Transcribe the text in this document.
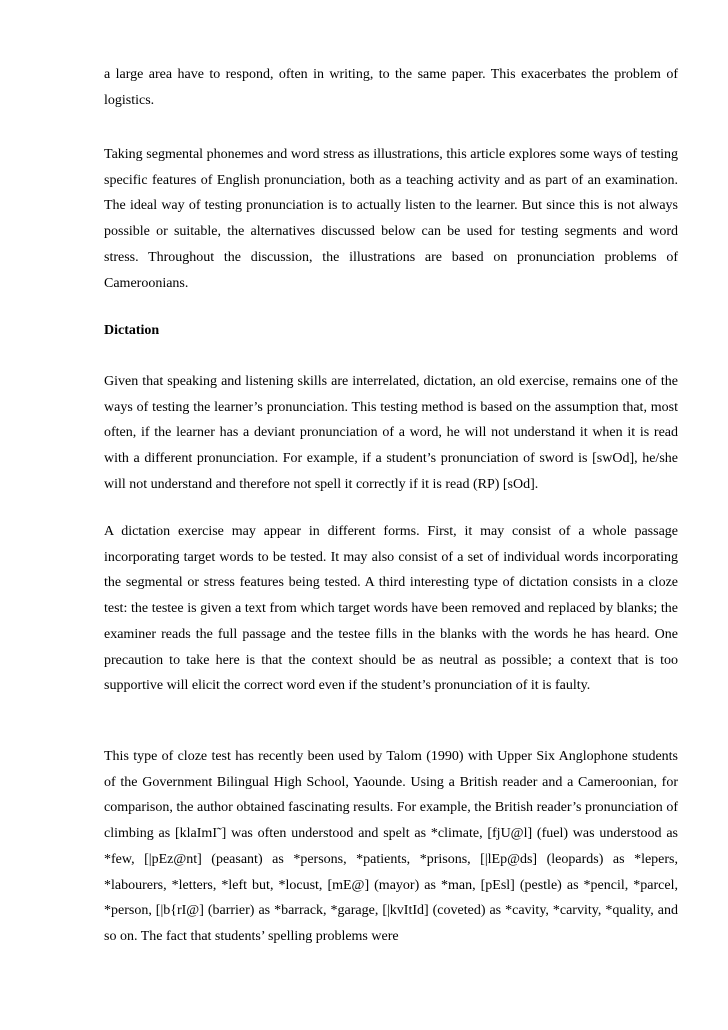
a large area have to respond, often in writing, to the same paper. This exacerbates the problem of logistics.

Taking segmental phonemes and word stress as illustrations, this article explores some ways of testing specific features of English pronunciation, both as a teaching activity and as part of an examination. The ideal way of testing pronunciation is to actually listen to the learner. But since this is not always possible or suitable, the alternatives discussed below can be used for testing segments and word stress. Throughout the discussion, the illustrations are based on pronunciation problems of Cameroonians.

Dictation

Given that speaking and listening skills are interrelated, dictation, an old exercise, remains one of the ways of testing the learner’s pronunciation. This testing method is based on the assumption that, most often, if the learner has a deviant pronunciation of a word, he will not understand it when it is read with a different pronunciation. For example, if a student’s pronunciation of sword is [swOd], he/she will not understand and therefore not spell it correctly if it is read (RP) [sOd].

A dictation exercise may appear in different forms. First, it may consist of a whole passage incorporating target words to be tested. It may also consist of a set of individual words incorporating the segmental or stress features being tested. A third interesting type of dictation consists in a cloze test: the testee is given a text from which target words have been removed and replaced by blanks; the examiner reads the full passage and the testee fills in the blanks with the words he has heard. One precaution to take here is that the context should be as neutral as possible; a context that is too supportive will elicit the correct word even if the student’s pronunciation of it is faulty.

This type of cloze test has recently been used by Talom (1990) with Upper Six Anglophone students of the Government Bilingual High School, Yaounde. Using a British reader and a Cameroonian, for comparison, the author obtained fascinating results. For example, the British reader’s pronunciation of climbing as [klaImI˜] was often understood and spelt as *climate, [fjU@l] (fuel) was understood as *few, [|pEz@nt] (peasant) as *persons, *patients, *prisons, [|lEp@ds] (leopards) as *lepers, *labourers, *letters, *left but, *locust, [mE@] (mayor) as *man, [pEsl] (pestle) as *pencil, *parcel, *person, [|b{rI@] (barrier) as *barrack, *garage, [|kvItId] (coveted) as *cavity, *carvity, *quality, and so on. The fact that students’ spelling problems were
